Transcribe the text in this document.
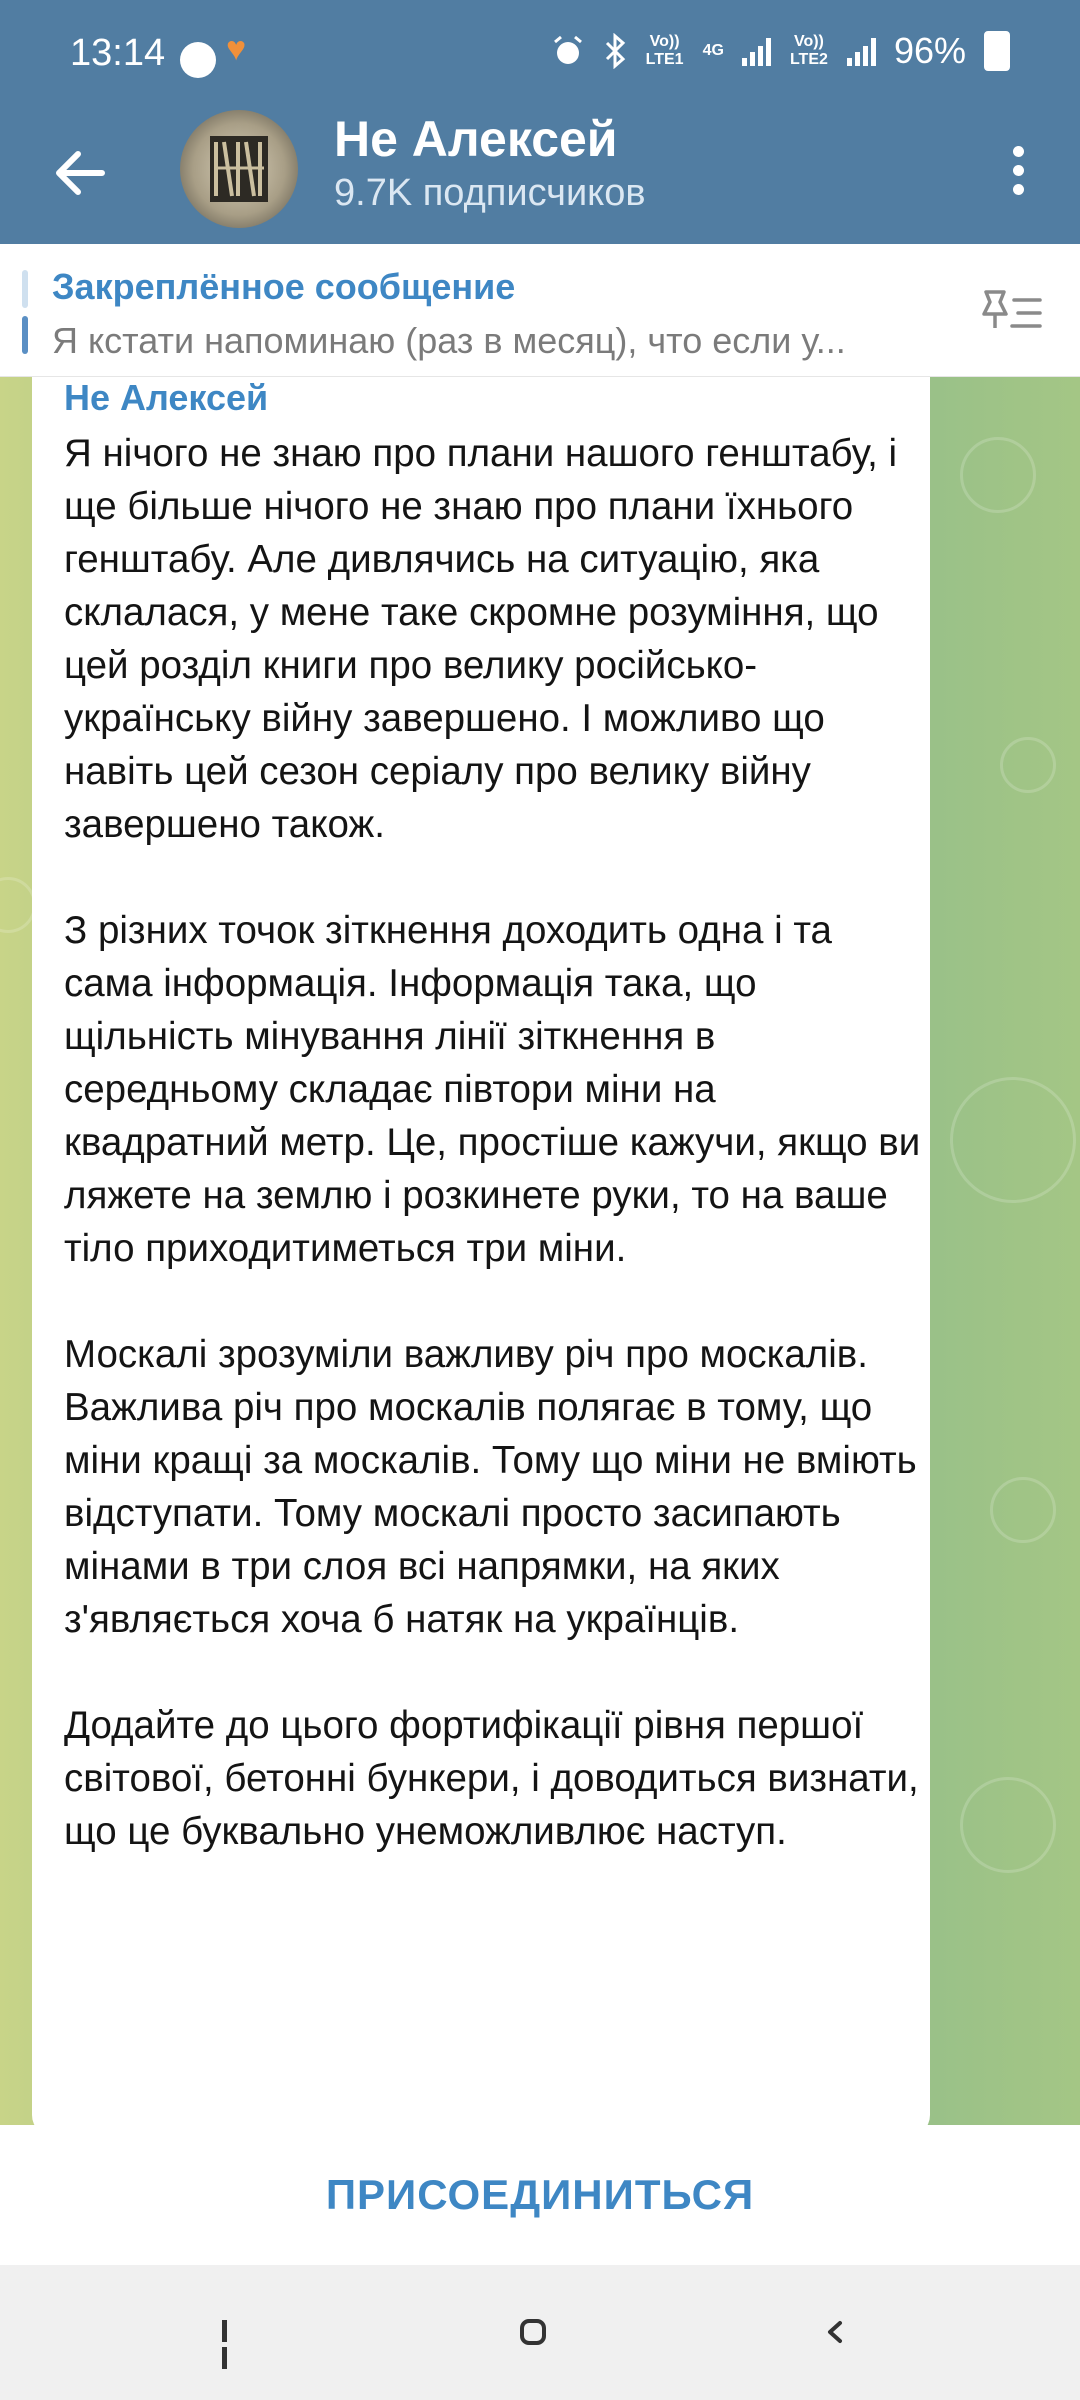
13:14 ♥	Vo)) LTE1
4G
Vo)) LTE2 96%
Не Алексей
9.7K подписчиков
Закреплённое сообщение
Я кстати напоминаю (раз в месяц), что если у...
Не Алексей
Я нічого не знаю про плани нашого генштабу, і ще більше нічого не знаю про плани їхнього генштабу. Але дивлячись на ситуацію, яка склалася, у мене таке скромне розуміння, що цей розділ книги про велику російсько-українську війну завершено. І можливо що навіть цей сезон серіалу про велику війну завершено також.

З різних точок зіткнення доходить одна і та сама інформація. Інформація така, що щільність мінування лінії зіткнення в середньому складає півтори міни на квадратний метр. Це, простіше кажучи, якщо ви ляжете на землю і розкинете руки, то на ваше тіло приходитиметься три міни.

Москалі зрозуміли важливу річ про москалів. Важлива річ про москалів полягає в тому, що міни кращі за москалів. Тому що міни не вміють відступати. Тому москалі просто засипають мінами в три слоя всі напрямки, на яких з'являється хоча б натяк на українців.

Додайте до цього фортифікації рівня першої світової, бетонні бункери, і доводиться визнати, що це буквально унеможливлює наступ.
ПРИСОЕДИНИТЬСЯ
